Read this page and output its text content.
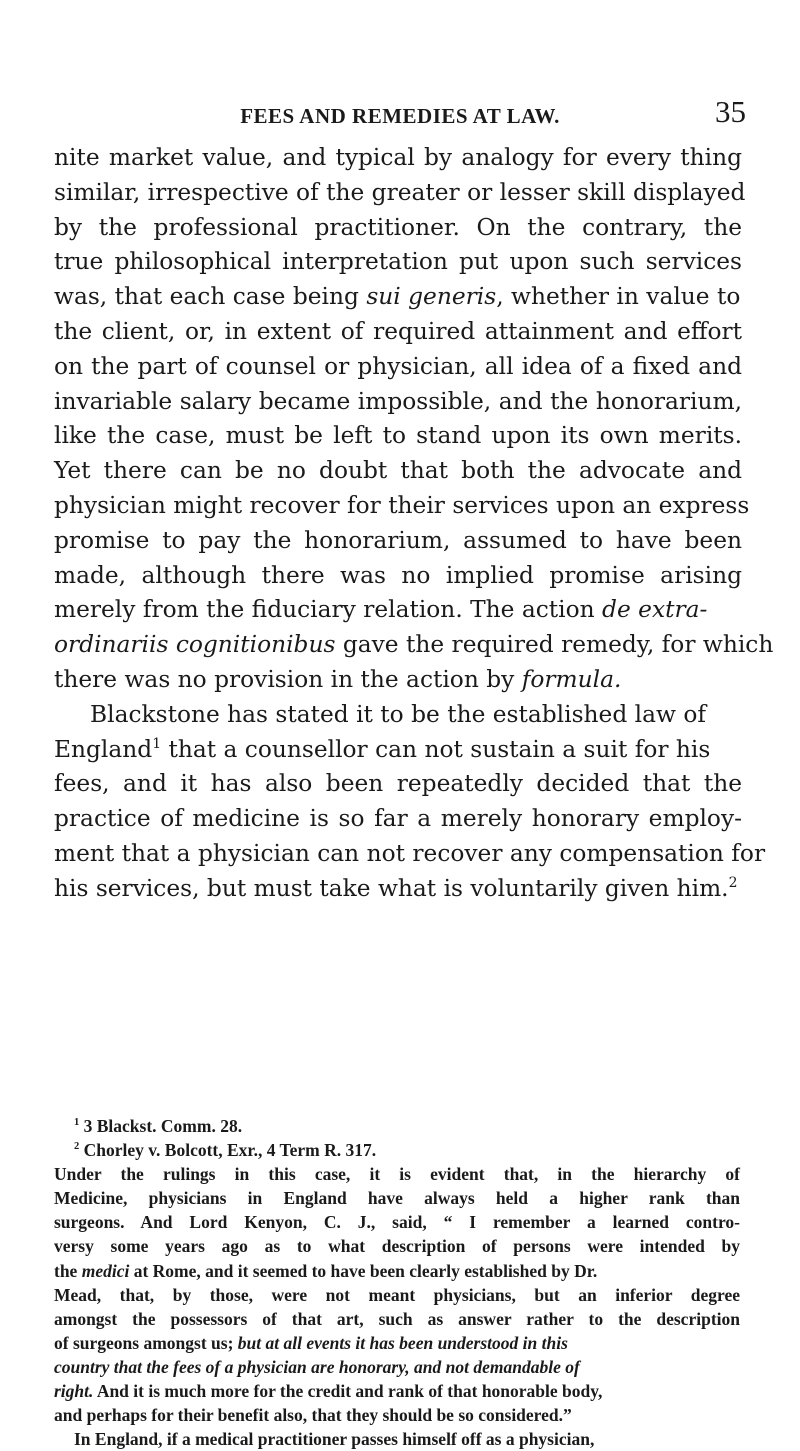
FEES AND REMEDIES AT LAW.	35
nite market value, and typical by analogy for every thing
similar, irrespective of the greater or lesser skill displayed
by the professional practitioner. On the contrary, the
true philosophical interpretation put upon such services
was, that each case being sui generis, whether in value to
the client, or, in extent of required attainment and effort
on the part of counsel or physician, all idea of a fixed and
invariable salary became impossible, and the honorarium,
like the case, must be left to stand upon its own merits.
Yet there can be no doubt that both the advocate and
physician might recover for their services upon an express
promise to pay the honorarium, assumed to have been
made, although there was no implied promise arising
merely from the fiduciary relation. The action de extra-
ordinariis cognitionibus gave the required remedy, for which
there was no provision in the action by formula.
Blackstone has stated it to be the established law of
England$^1$ that a counsellor can not sustain a suit for his
fees, and it has also been repeatedly decided that the
practice of medicine is so far a merely honorary employ-
ment that a physician can not recover any compensation for
his services, but must take what is voluntarily given him.$^2$
$^1$ 3 Blackst. Comm. 28.
$^2$ Chorley v. Bolcott, Exr., 4 Term R. 317.
Under the rulings in this case, it is evident that, in the hierarchy of
Medicine, physicians in England have always held a higher rank than
surgeons. And Lord Kenyon, C. J., said, “ I remember a learned contro-
versy some years ago as to what description of persons were intended by
the medici at Rome, and it seemed to have been clearly established by Dr.
Mead, that, by those, were not meant physicians, but an inferior degree
amongst the possessors of that art, such as answer rather to the description
of surgeons amongst us; but at all events it has been understood in this
country that the fees of a physician are honorary, and not demandable of
right. And it is much more for the credit and rank of that honorable body,
and perhaps for their benefit also, that they should be so considered.”
In England, if a medical practitioner passes himself off as a physician,
